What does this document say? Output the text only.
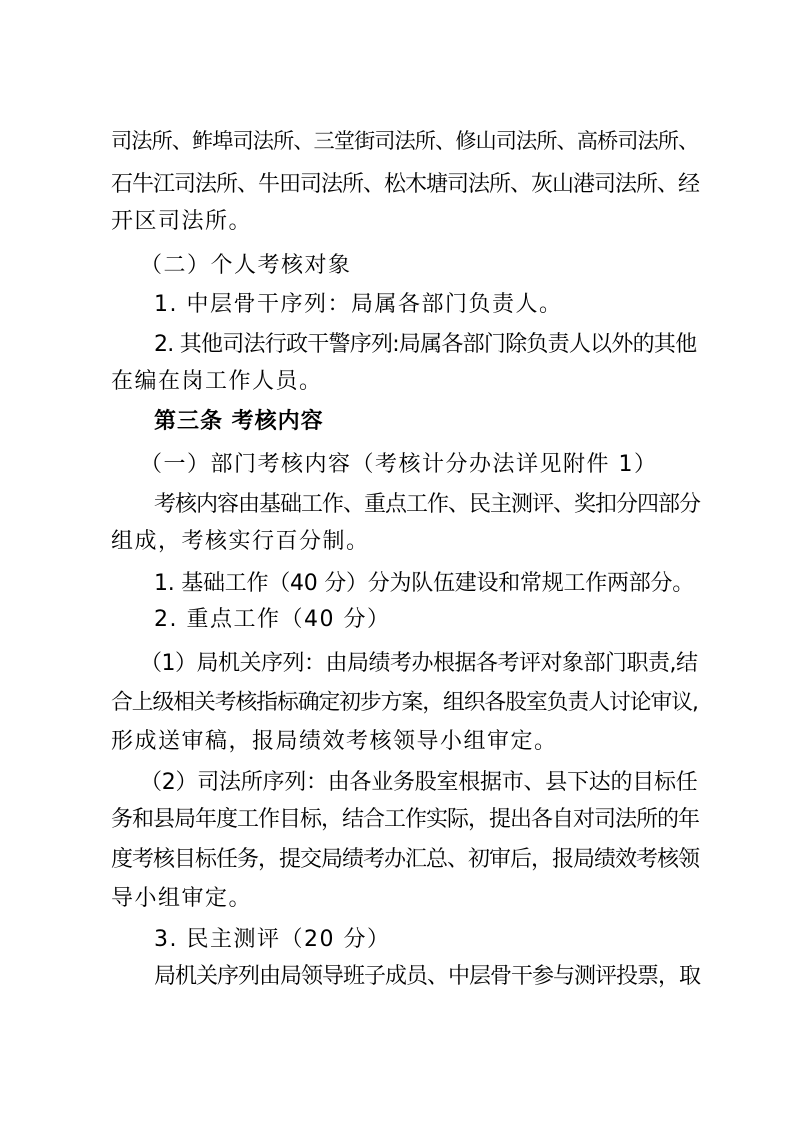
司法所、鲊埠司法所、三堂街司法所、修山司法所、高桥司法所、
石牛江司法所、牛田司法所、松木塘司法所、灰山港司法所、经
开区司法所。
（二）个人考核对象
1. 中层骨干序列：局属各部门负责人。
2. 其他司法行政干警序列:局属各部门除负责人以外的其他
在编在岗工作人员。
第三条 考核内容
（一）部门考核内容（考核计分办法详见附件 1）
考核内容由基础工作、重点工作、民主测评、奖扣分四部分
组成，考核实行百分制。
1. 基础工作（40 分）分为队伍建设和常规工作两部分。
2. 重点工作（40 分）
（1）局机关序列：由局绩考办根据各考评对象部门职责,结
合上级相关考核指标确定初步方案，组织各股室负责人讨论审议,
形成送审稿，报局绩效考核领导小组审定。
（2）司法所序列：由各业务股室根据市、县下达的目标任
务和县局年度工作目标，结合工作实际，提出各自对司法所的年
度考核目标任务，提交局绩考办汇总、初审后，报局绩效考核领
导小组审定。
3. 民主测评（20 分）
局机关序列由局领导班子成员、中层骨干参与测评投票，取
